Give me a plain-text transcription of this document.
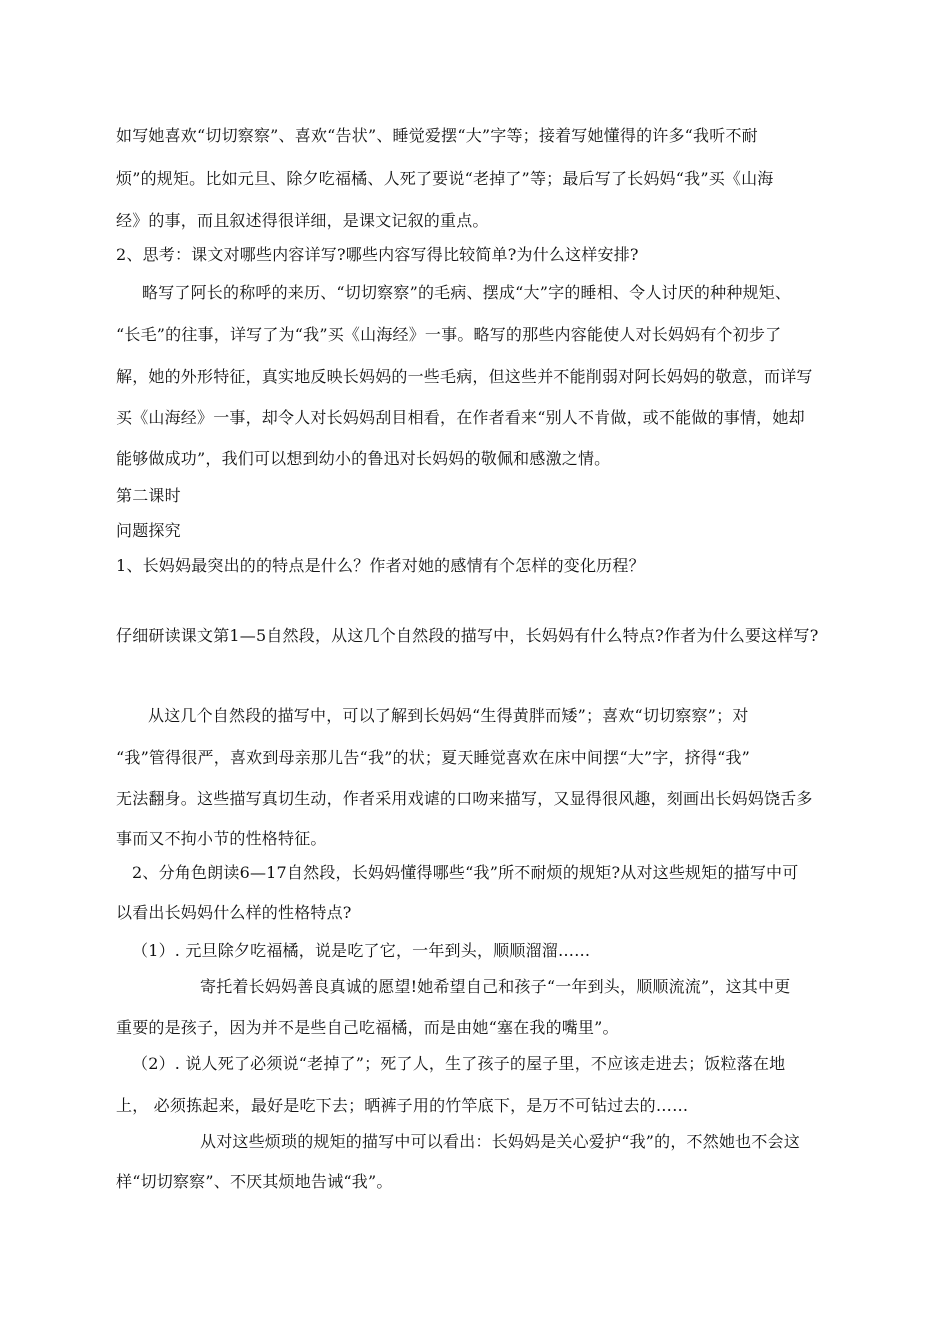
如写她喜欢“切切察察”、喜欢“告状”、睡觉爱摆“大”字等；接着写她懂得的许多“我听不耐
烦”的规矩。比如元旦、除夕吃福橘、人死了要说“老掉了”等；最后写了长妈妈“我”买《山海
经》的事，而且叙述得很详细，是课文记叙的重点。
2、思考：课文对哪些内容详写?哪些内容写得比较简单?为什么这样安排?
略写了阿长的称呼的来历、“切切察察”的毛病、摆成“大”字的睡相、令人讨厌的种种规矩、
“长毛”的往事，详写了为“我”买《山海经》一事。略写的那些内容能使人对长妈妈有个初步了
解，她的外形特征，真实地反映长妈妈的一些毛病，但这些并不能削弱对阿长妈妈的敬意，而详写
买《山海经》一事，却令人对长妈妈刮目相看，在作者看来“别人不肯做，或不能做的事情，她却
能够做成功”，我们可以想到幼小的鲁迅对长妈妈的敬佩和感激之情。
第二课时
问题探究
1、长妈妈最突出的的特点是什么？作者对她的感情有个怎样的变化历程？
仔细研读课文第1—5自然段，从这几个自然段的描写中，长妈妈有什么特点?作者为什么要这样写?
从这几个自然段的描写中，可以了解到长妈妈“生得黄胖而矮”；喜欢“切切察察”；对
“我”管得很严，喜欢到母亲那儿告“我”的状；夏天睡觉喜欢在床中间摆“大”字，挤得“我”
无法翻身。这些描写真切生动，作者采用戏谑的口吻来描写，又显得很风趣，刻画出长妈妈饶舌多
事而又不拘小节的性格特征。
2、分角色朗读6—17自然段，长妈妈懂得哪些“我”所不耐烦的规矩?从对这些规矩的描写中可
以看出长妈妈什么样的性格特点?
（1）. 元旦除夕吃福橘，说是吃了它，一年到头，顺顺溜溜……
寄托着长妈妈善良真诚的愿望!她希望自己和孩子“一年到头，顺顺流流”，这其中更
重要的是孩子，因为并不是些自己吃福橘，而是由她“塞在我的嘴里”。
（2）. 说人死了必须说“老掉了”；死了人，生了孩子的屋子里，不应该走进去；饭粒落在地
上， 必须拣起来，最好是吃下去；晒裤子用的竹竿底下，是万不可钻过去的……
从对这些烦琐的规矩的描写中可以看出：长妈妈是关心爱护“我”的，不然她也不会这
样“切切察察”、不厌其烦地告诫“我”。
